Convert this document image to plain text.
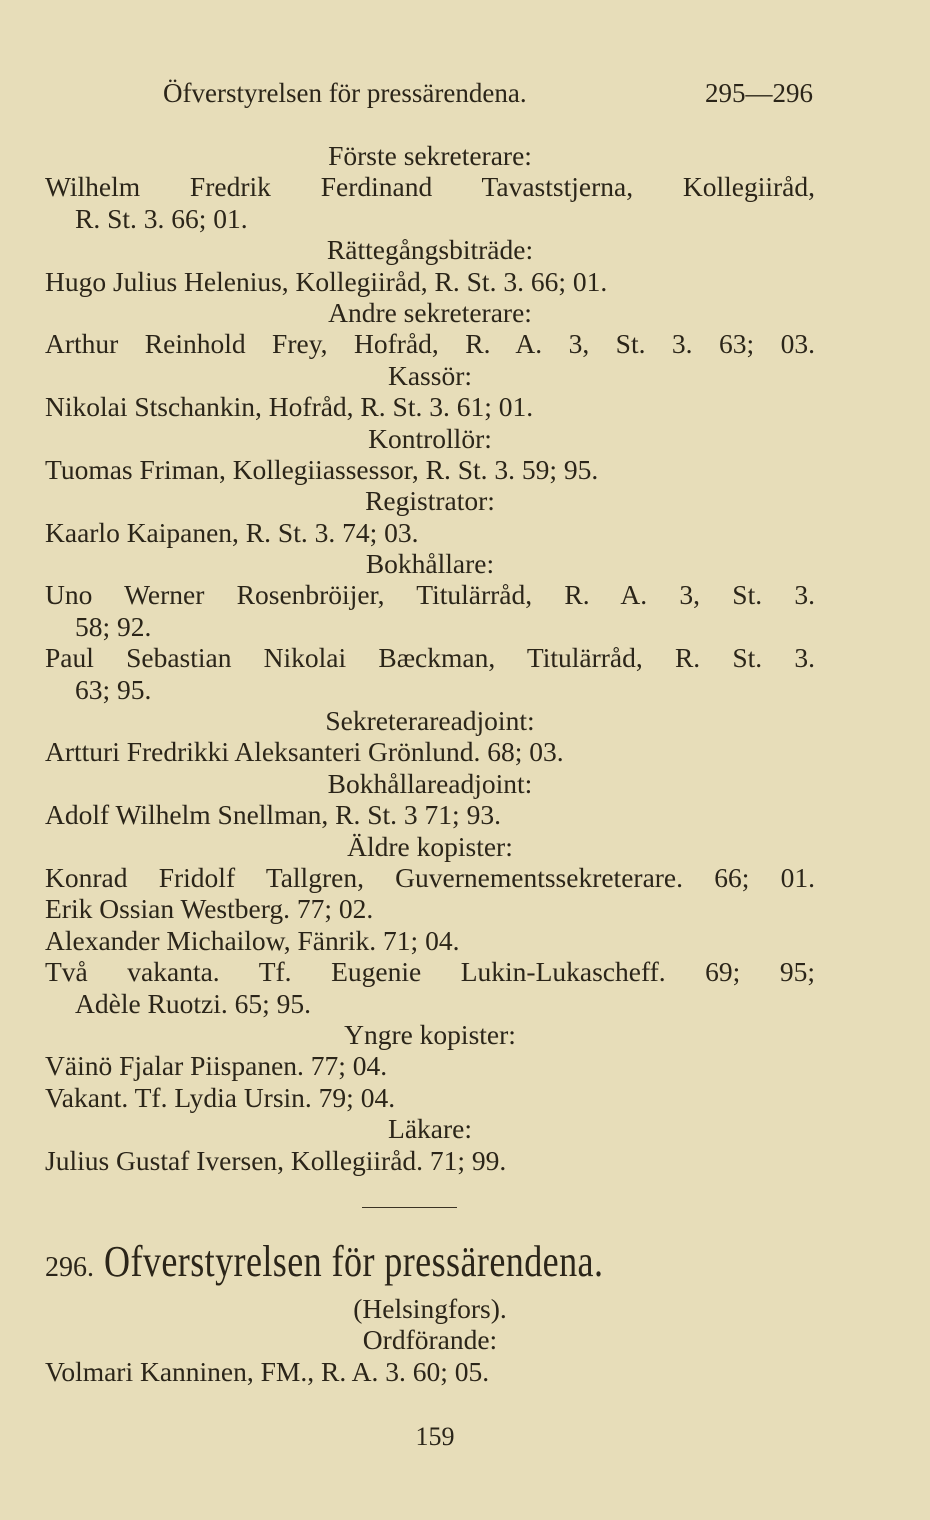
Öfverstyrelsen för pressärendena.	295—296
Förste sekreterare:
Wilhelm Fredrik Ferdinand Tavaststjerna, Kollegiiråd,
R. St. 3. 66; 01.
Rättegångsbiträde:
Hugo Julius Helenius, Kollegiiråd, R. St. 3. 66; 01.
Andre sekreterare:
Arthur Reinhold Frey, Hofråd, R. A. 3, St. 3. 63; 03.
Kassör:
Nikolai Stschankin, Hofråd, R. St. 3. 61; 01.
Kontrollör:
Tuomas Friman, Kollegiiassessor, R. St. 3. 59; 95.
Registrator:
Kaarlo Kaipanen, R. St. 3. 74; 03.
Bokhållare:
Uno Werner Rosenbröijer, Titulärråd, R. A. 3, St. 3.
58; 92.
Paul Sebastian Nikolai Bæckman, Titulärråd, R. St. 3.
63; 95.
Sekreterareadjoint:
Artturi Fredrikki Aleksanteri Grönlund. 68; 03.
Bokhållareadjoint:
Adolf Wilhelm Snellman, R. St. 3 71; 93.
Äldre kopister:
Konrad Fridolf Tallgren, Guvernementssekreterare. 66; 01.
Erik Ossian Westberg. 77; 02.
Alexander Michailow, Fänrik. 71; 04.
Två vakanta. Tf. Eugenie Lukin-Lukascheff. 69; 95;
Adèle Ruotzi. 65; 95.
Yngre kopister:
Väinö Fjalar Piispanen. 77; 04.
Vakant. Tf. Lydia Ursin. 79; 04.
Läkare:
Julius Gustaf Iversen, Kollegiiråd. 71; 99.
296. Ofverstyrelsen för pressärendena.
(Helsingfors).
Ordförande:
Volmari Kanninen, FM., R. A. 3. 60; 05.
159
